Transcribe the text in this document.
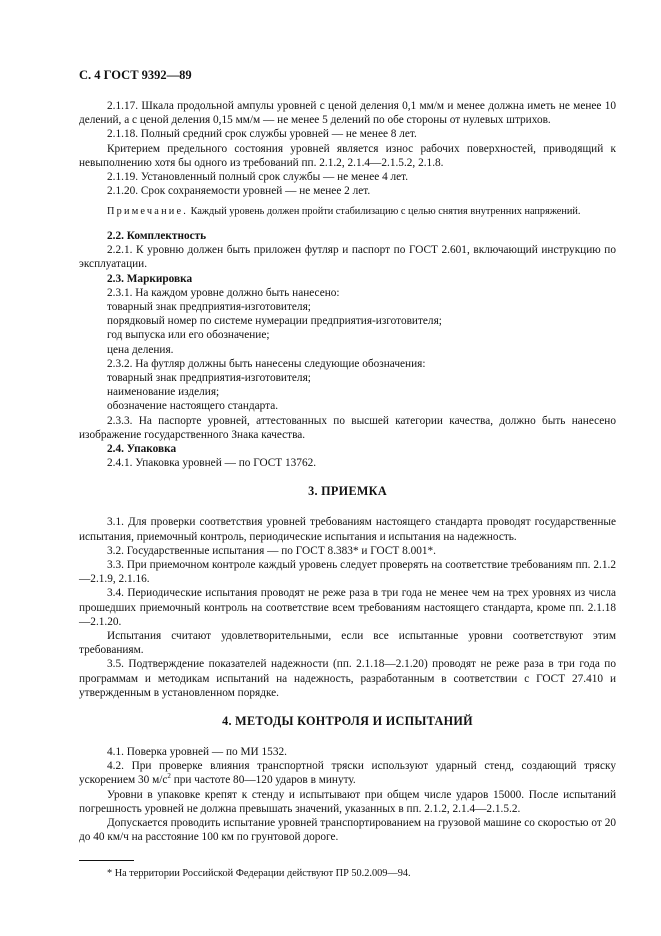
С. 4 ГОСТ 9392—89

2.1.17. Шкала продольной ампулы уровней с ценой деления 0,1 мм/м и менее должна иметь не менее 10 делений, а с ценой деления 0,15 мм/м — не менее 5 делений по обе стороны от нулевых штрихов.

2.1.18. Полный средний срок службы уровней — не менее 8 лет.

Критерием предельного состояния уровней является износ рабочих поверхностей, приводящий к невыполнению хотя бы одного из требований пп. 2.1.2, 2.1.4—2.1.5.2, 2.1.8.

2.1.19. Установленный полный срок службы — не менее 4 лет.

2.1.20. Срок сохраняемости уровней — не менее 2 лет.

Примечание. Каждый уровень должен пройти стабилизацию с целью снятия внутренних напряжений.

2.2. Комплектность

2.2.1. К уровню должен быть приложен футляр и паспорт по ГОСТ 2.601, включающий инструкцию по эксплуатации.

2.3. Маркировка

2.3.1. На каждом уровне должно быть нанесено:

товарный знак предприятия-изготовителя;

порядковый номер по системе нумерации предприятия-изготовителя;

год выпуска или его обозначение;

цена деления.

2.3.2. На футляр должны быть нанесены следующие обозначения:

товарный знак предприятия-изготовителя;

наименование изделия;

обозначение настоящего стандарта.

2.3.3. На паспорте уровней, аттестованных по высшей категории качества, должно быть нанесено изображение государственного Знака качества.

2.4. Упаковка

2.4.1. Упаковка уровней — по ГОСТ 13762.

3. ПРИЕМКА

3.1. Для проверки соответствия уровней требованиям настоящего стандарта проводят государственные испытания, приемочный контроль, периодические испытания и испытания на надежность.

3.2. Государственные испытания — по ГОСТ 8.383* и ГОСТ 8.001*.

3.3. При приемочном контроле каждый уровень следует проверять на соответствие требованиям пп. 2.1.2—2.1.9, 2.1.16.

3.4. Периодические испытания проводят не реже раза в три года не менее чем на трех уровнях из числа прошедших приемочный контроль на соответствие всем требованиям настоящего стандарта, кроме пп. 2.1.18—2.1.20.

Испытания считают удовлетворительными, если все испытанные уровни соответствуют этим требованиям.

3.5. Подтверждение показателей надежности (пп. 2.1.18—2.1.20) проводят не реже раза в три года по программам и методикам испытаний на надежность, разработанным в соответствии с ГОСТ 27.410 и утвержденным в установленном порядке.

4. МЕТОДЫ КОНТРОЛЯ И ИСПЫТАНИЙ

4.1. Поверка уровней — по МИ 1532.

4.2. При проверке влияния транспортной тряски используют ударный стенд, создающий тряску ускорением 30 $м/с^2$ при частоте 80—120 ударов в минуту.

Уровни в упаковке крепят к стенду и испытывают при общем числе ударов 15000. После испытаний погрешность уровней не должна превышать значений, указанных в пп. 2.1.2, 2.1.4—2.1.5.2.

Допускается проводить испытание уровней транспортированием на грузовой машине со скоростью от 20 до 40 км/ч на расстояние 100 км по грунтовой дороге.

* На территории Российской Федерации действуют ПР 50.2.009—94.
